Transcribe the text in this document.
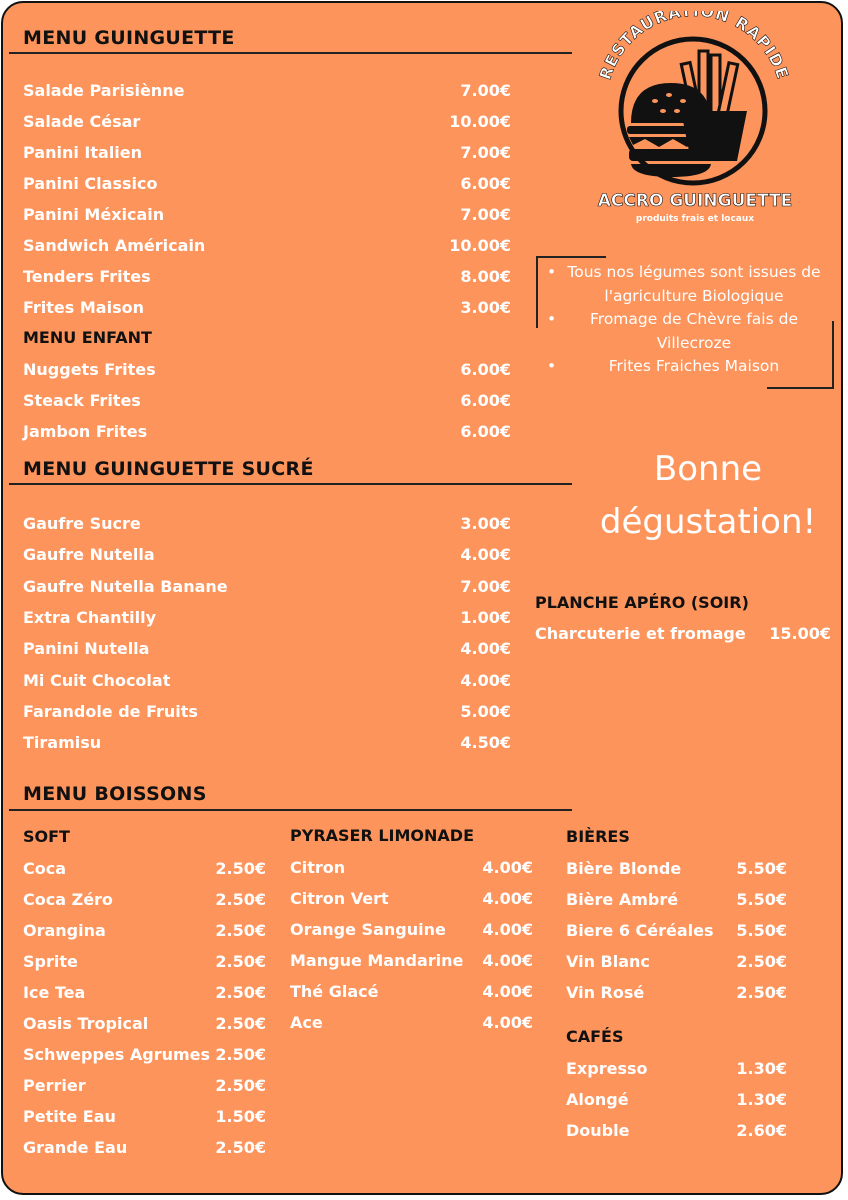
MENU GUINGUETTE
Salade Parisiènne	7.00€
Salade César	10.00€
Panini Italien	7.00€
Panini Classico	6.00€
Panini Méxicain	7.00€
Sandwich Américain	10.00€
Tenders Frites	8.00€
Frites Maison	3.00€
MENU ENFANT
Nuggets Frites	6.00€
Steack Frites	6.00€
Jambon Frites	6.00€
MENU GUINGUETTE SUCRÉ
Gaufre Sucre	3.00€
Gaufre Nutella	4.00€
Gaufre Nutella Banane	7.00€
Extra Chantilly	1.00€
Panini Nutella	4.00€
Mi Cuit Chocolat	4.00€
Farandole de Fruits	5.00€
Tiramisu	4.50€
MENU BOISSONS
SOFT
Coca	2.50€
Coca Zéro	2.50€
Orangina	2.50€
Sprite	2.50€
Ice Tea	2.50€
Oasis Tropical	2.50€
Schweppes Agrumes 2.50€
Perrier	2.50€
Petite Eau	1.50€
Grande Eau	2.50€
PYRASER LIMONADE
Citron	4.00€
Citron Vert	4.00€
Orange Sanguine	4.00€
Mangue Mandarine	4.00€
Thé Glacé	4.00€
Ace	4.00€
BIÈRES
Bière Blonde	5.50€
Bière Ambré	5.50€
Biere 6 Céréales	5.50€
Vin Blanc	2.50€
Vin Rosé	2.50€
CAFÉS
Expresso	1.30€
Alongé	1.30€
Double	2.60€
RESTAURA ON RAPIDE
ACCRO GUINGUETTE
produits frais et locaux
• Tous nos légumes sont issues de l'agriculture Biologique
• Fromage de Chèvre fais de Villecroze
• Frites Fraiches Maison
Bonne
dégustation!
PLANCHE APÉRO (SOIR)
Charcuterie et fromage	15.00€
